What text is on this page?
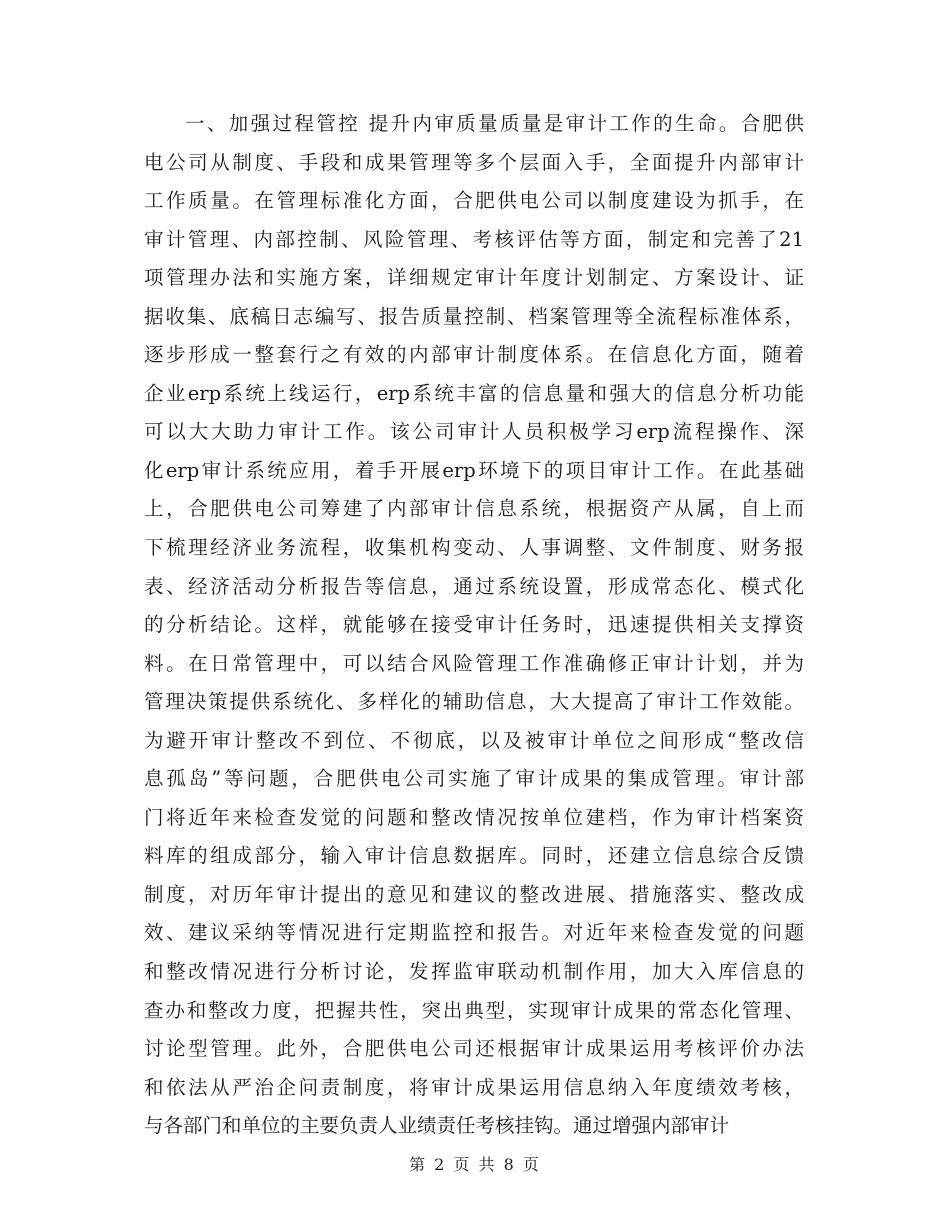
一、加强过程管控 提升内审质量质量是审计工作的生命。合肥供
电公司从制度、手段和成果管理等多个层面入手，全面提升内部审计
工作质量。在管理标准化方面，合肥供电公司以制度建设为抓手，在
审计管理、内部控制、风险管理、考核评估等方面，制定和完善了21
项管理办法和实施方案，详细规定审计年度计划制定、方案设计、证
据收集、底稿日志编写、报告质量控制、档案管理等全流程标准体系，
逐步形成一整套行之有效的内部审计制度体系。在信息化方面，随着
企业erp系统上线运行，erp系统丰富的信息量和强大的信息分析功能
可以大大助力审计工作。该公司审计人员积极学习erp流程操作、深
化erp审计系统应用，着手开展erp环境下的项目审计工作。在此基础
上，合肥供电公司筹建了内部审计信息系统，根据资产从属，自上而
下梳理经济业务流程，收集机构变动、人事调整、文件制度、财务报
表、经济活动分析报告等信息，通过系统设置，形成常态化、模式化
的分析结论。这样，就能够在接受审计任务时，迅速提供相关支撑资
料。在日常管理中，可以结合风险管理工作准确修正审计计划，并为
管理决策提供系统化、多样化的辅助信息，大大提高了审计工作效能。
为避开审计整改不到位、不彻底，以及被审计单位之间形成“整改信
息孤岛”等问题，合肥供电公司实施了审计成果的集成管理。审计部
门将近年来检查发觉的问题和整改情况按单位建档，作为审计档案资
料库的组成部分，输入审计信息数据库。同时，还建立信息综合反馈
制度，对历年审计提出的意见和建议的整改进展、措施落实、整改成
效、建议采纳等情况进行定期监控和报告。对近年来检查发觉的问题
和整改情况进行分析讨论，发挥监审联动机制作用，加大入库信息的
查办和整改力度，把握共性，突出典型，实现审计成果的常态化管理、
讨论型管理。此外，合肥供电公司还根据审计成果运用考核评价办法
和依法从严治企问责制度，将审计成果运用信息纳入年度绩效考核，
与各部门和单位的主要负责人业绩责任考核挂钩。通过增强内部审计
第 2 页 共 8 页
